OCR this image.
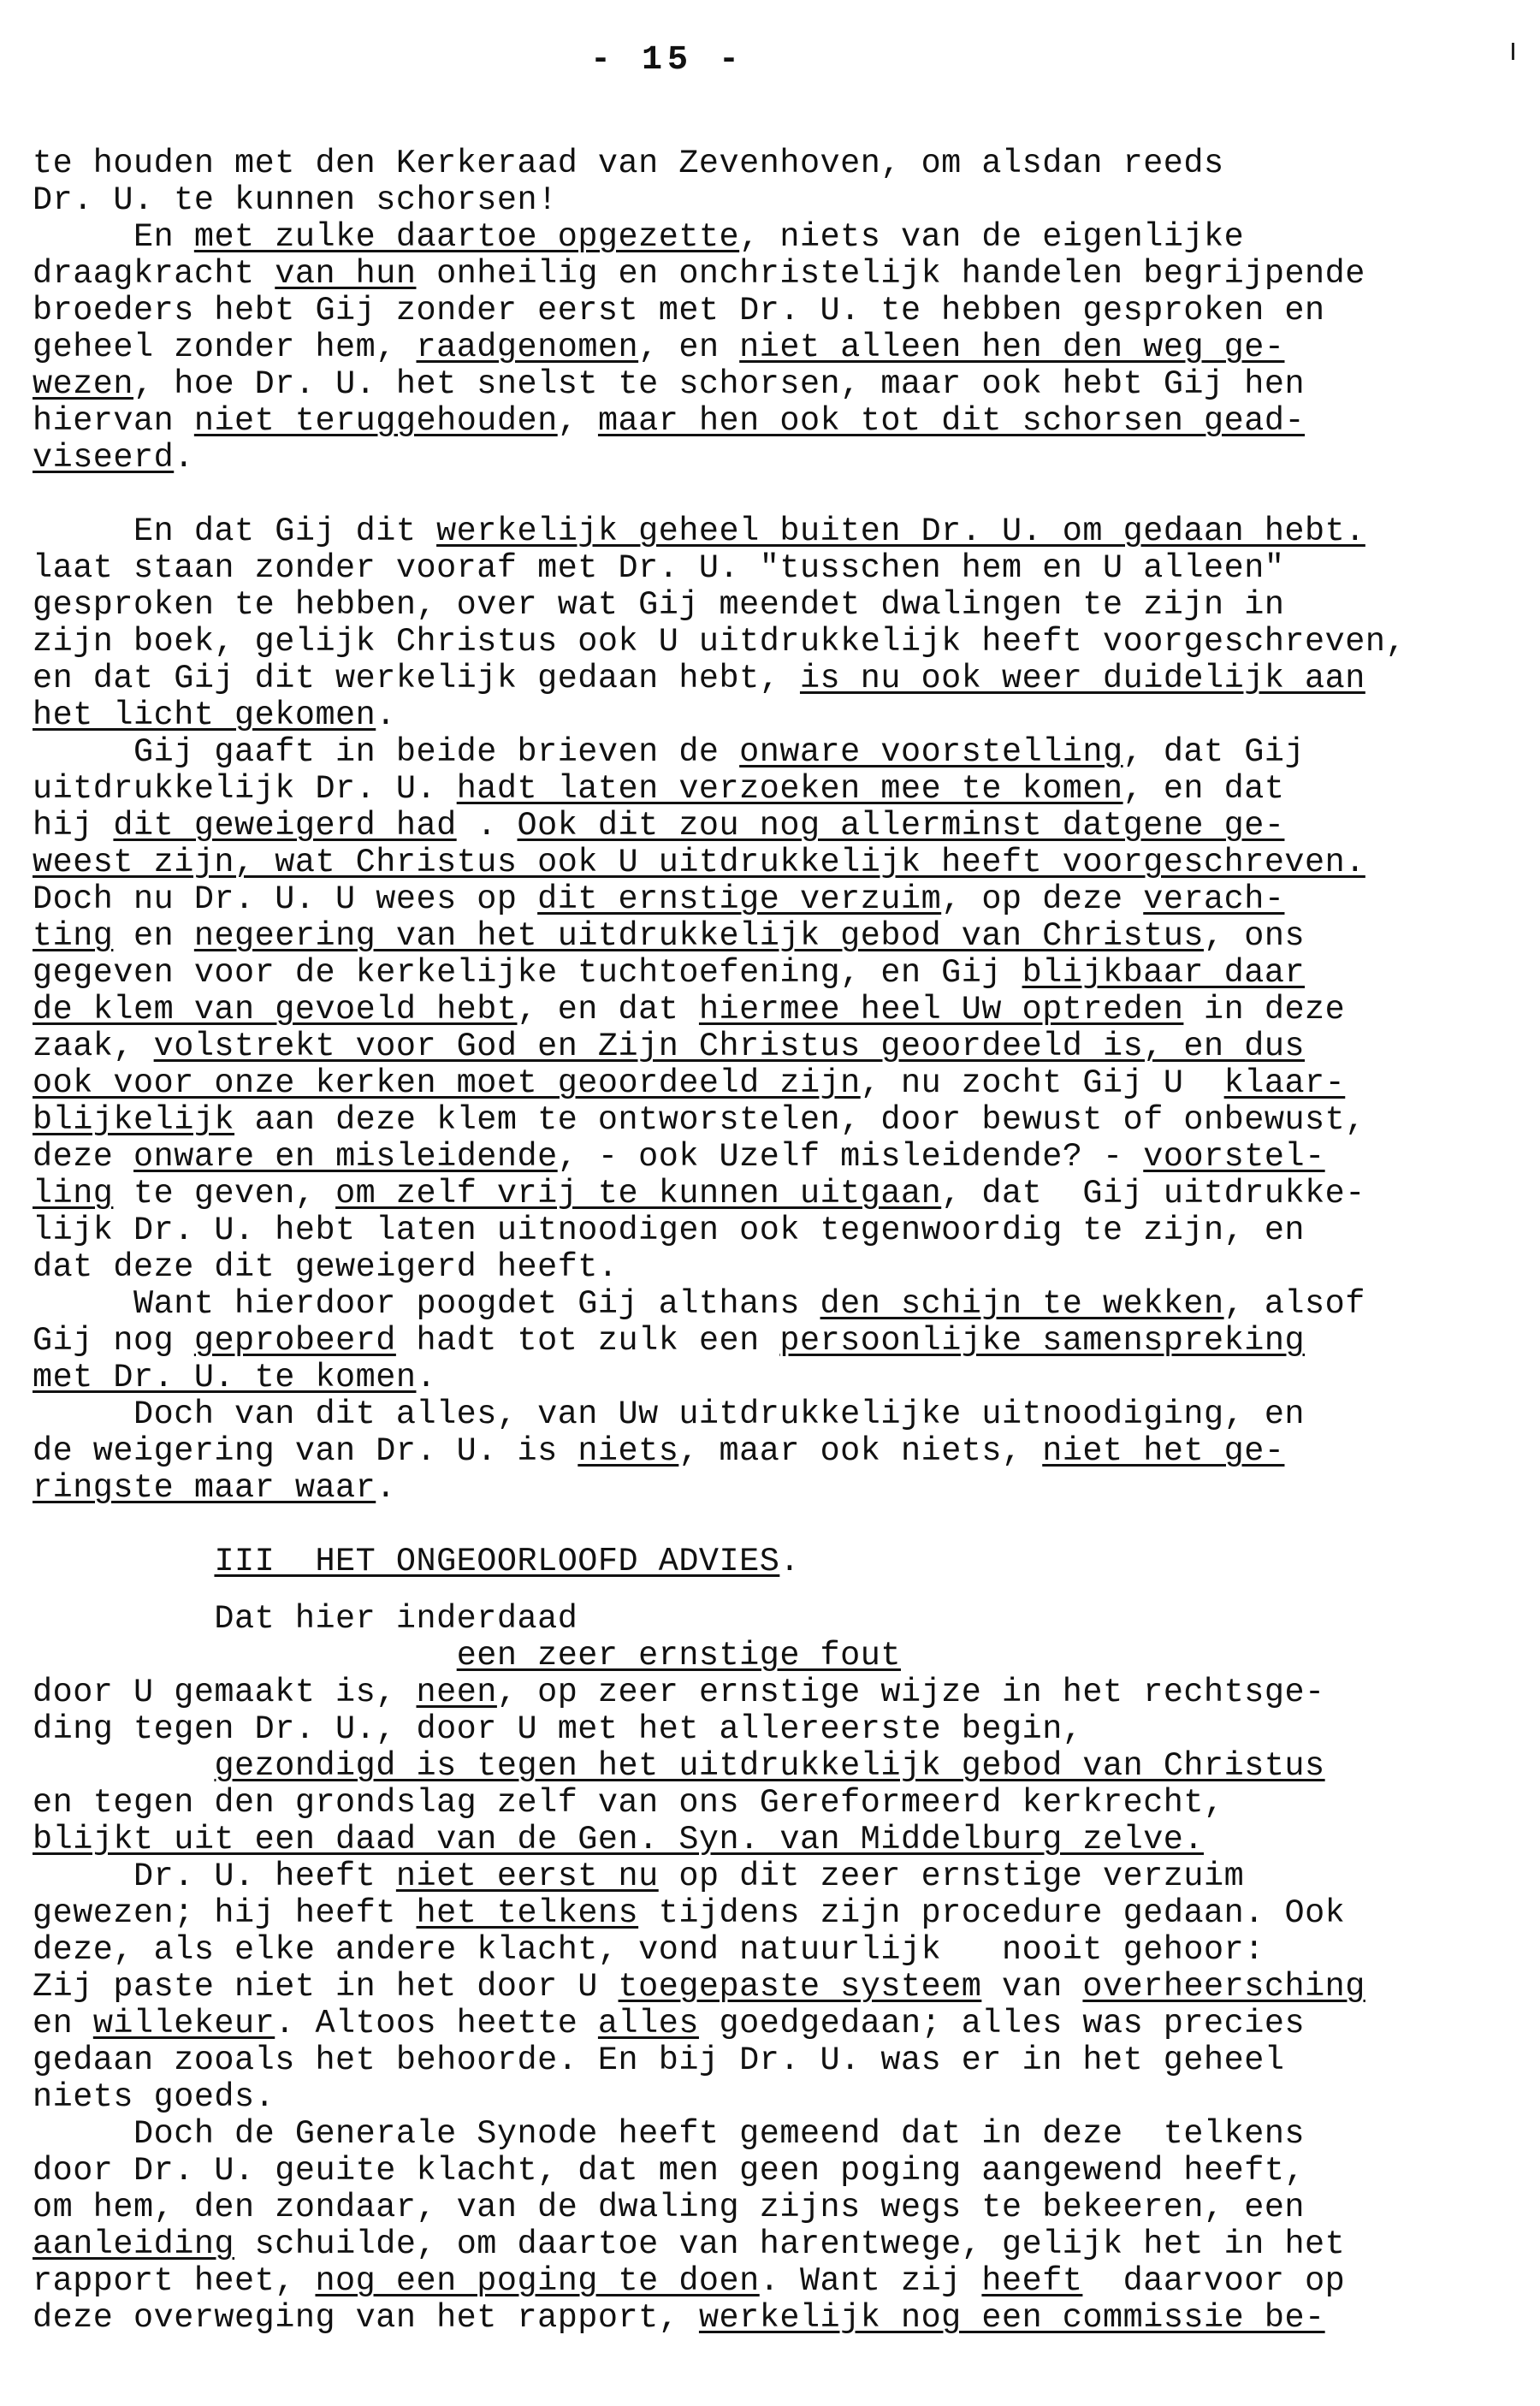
- 15 -
te houden met den Kerkeraad van Zevenhoven, om alsdan reeds
Dr. U. te kunnen schorsen!
En met zulke daartoe opgezette, niets van de eigenlijke
draagkracht van hun onheilig en onchristelijk handelen begrijpende
broeders hebt Gij zonder eerst met Dr. U. te hebben gesproken en
geheel zonder hem, raadgenomen, en niet alleen hen den weg ge-
wezen, hoe Dr. U. het snelst te schorsen, maar ook hebt Gij hen
hiervan niet teruggehouden, maar hen ook tot dit schorsen gead-
viseerd.
En dat Gij dit werkelijk geheel buiten Dr. U. om gedaan hebt.
laat staan zonder vooraf met Dr. U. "tusschen hem en U alleen"
gesproken te hebben, over wat Gij meendet dwalingen te zijn in
zijn boek, gelijk Christus ook U uitdrukkelijk heeft voorgeschreven,
en dat Gij dit werkelijk gedaan hebt, is nu ook weer duidelijk aan
het licht gekomen.
Gij gaaft in beide brieven de onware voorstelling, dat Gij
uitdrukkelijk Dr. U. hadt laten verzoeken mee te komen, en dat
hij dit geweigerd had . Ook dit zou nog allerminst datgene ge-
weest zijn, wat Christus ook U uitdrukkelijk heeft voorgeschreven.
Doch nu Dr. U. U wees op dit ernstige verzuim, op deze verach-
ting en negeering van het uitdrukkelijk gebod van Christus, ons
gegeven voor de kerkelijke tuchtoefening, en Gij blijkbaar daar
de klem van gevoeld hebt, en dat hiermee heel Uw optreden in deze
zaak, volstrekt voor God en Zijn Christus geoordeeld is, en dus
ook voor onze kerken moet geoordeeld zijn, nu zocht Gij U  klaar-
blijkelijk aan deze klem te ontworstelen, door bewust of onbewust,
deze onware en misleidende, - ook Uzelf misleidende? - voorstel-
ling te geven, om zelf vrij te kunnen uitgaan, dat  Gij uitdrukke-
lijk Dr. U. hebt laten uitnoodigen ook tegenwoordig te zijn, en
dat deze dit geweigerd heeft.
Want hierdoor poogdet Gij althans den schijn te wekken, alsof
Gij nog geprobeerd hadt tot zulk een persoonlijke samenspreking
met Dr. U. te komen.
Doch van dit alles, van Uw uitdrukkelijke uitnoodiging, en
de weigering van Dr. U. is niets, maar ook niets, niet het ge-
ringste maar waar.
III  HET ONGEOORLOOFD ADVIES.
Dat hier inderdaad
een zeer ernstige fout
door U gemaakt is, neen, op zeer ernstige wijze in het rechtsge-
ding tegen Dr. U., door U met het allereerste begin,
gezondigd is tegen het uitdrukkelijk gebod van Christus
en tegen den grondslag zelf van ons Gereformeerd kerkrecht,
blijkt uit een daad van de Gen. Syn. van Middelburg zelve.
Dr. U. heeft niet eerst nu op dit zeer ernstige verzuim
gewezen; hij heeft het telkens tijdens zijn procedure gedaan. Ook
deze, als elke andere klacht, vond natuurlijk   nooit gehoor:
Zij paste niet in het door U toegepaste systeem van overheersching
en willekeur. Altoos heette alles goedgedaan; alles was precies
gedaan zooals het behoorde. En bij Dr. U. was er in het geheel
niets goeds.
Doch de Generale Synode heeft gemeend dat in deze  telkens
door Dr. U. geuite klacht, dat men geen poging aangewend heeft,
om hem, den zondaar, van de dwaling zijns wegs te bekeeren, een
aanleiding schuilde, om daartoe van harentwege, gelijk het in het
rapport heet, nog een poging te doen. Want zij heeft  daarvoor op
deze overweging van het rapport, werkelijk nog een commissie be-
